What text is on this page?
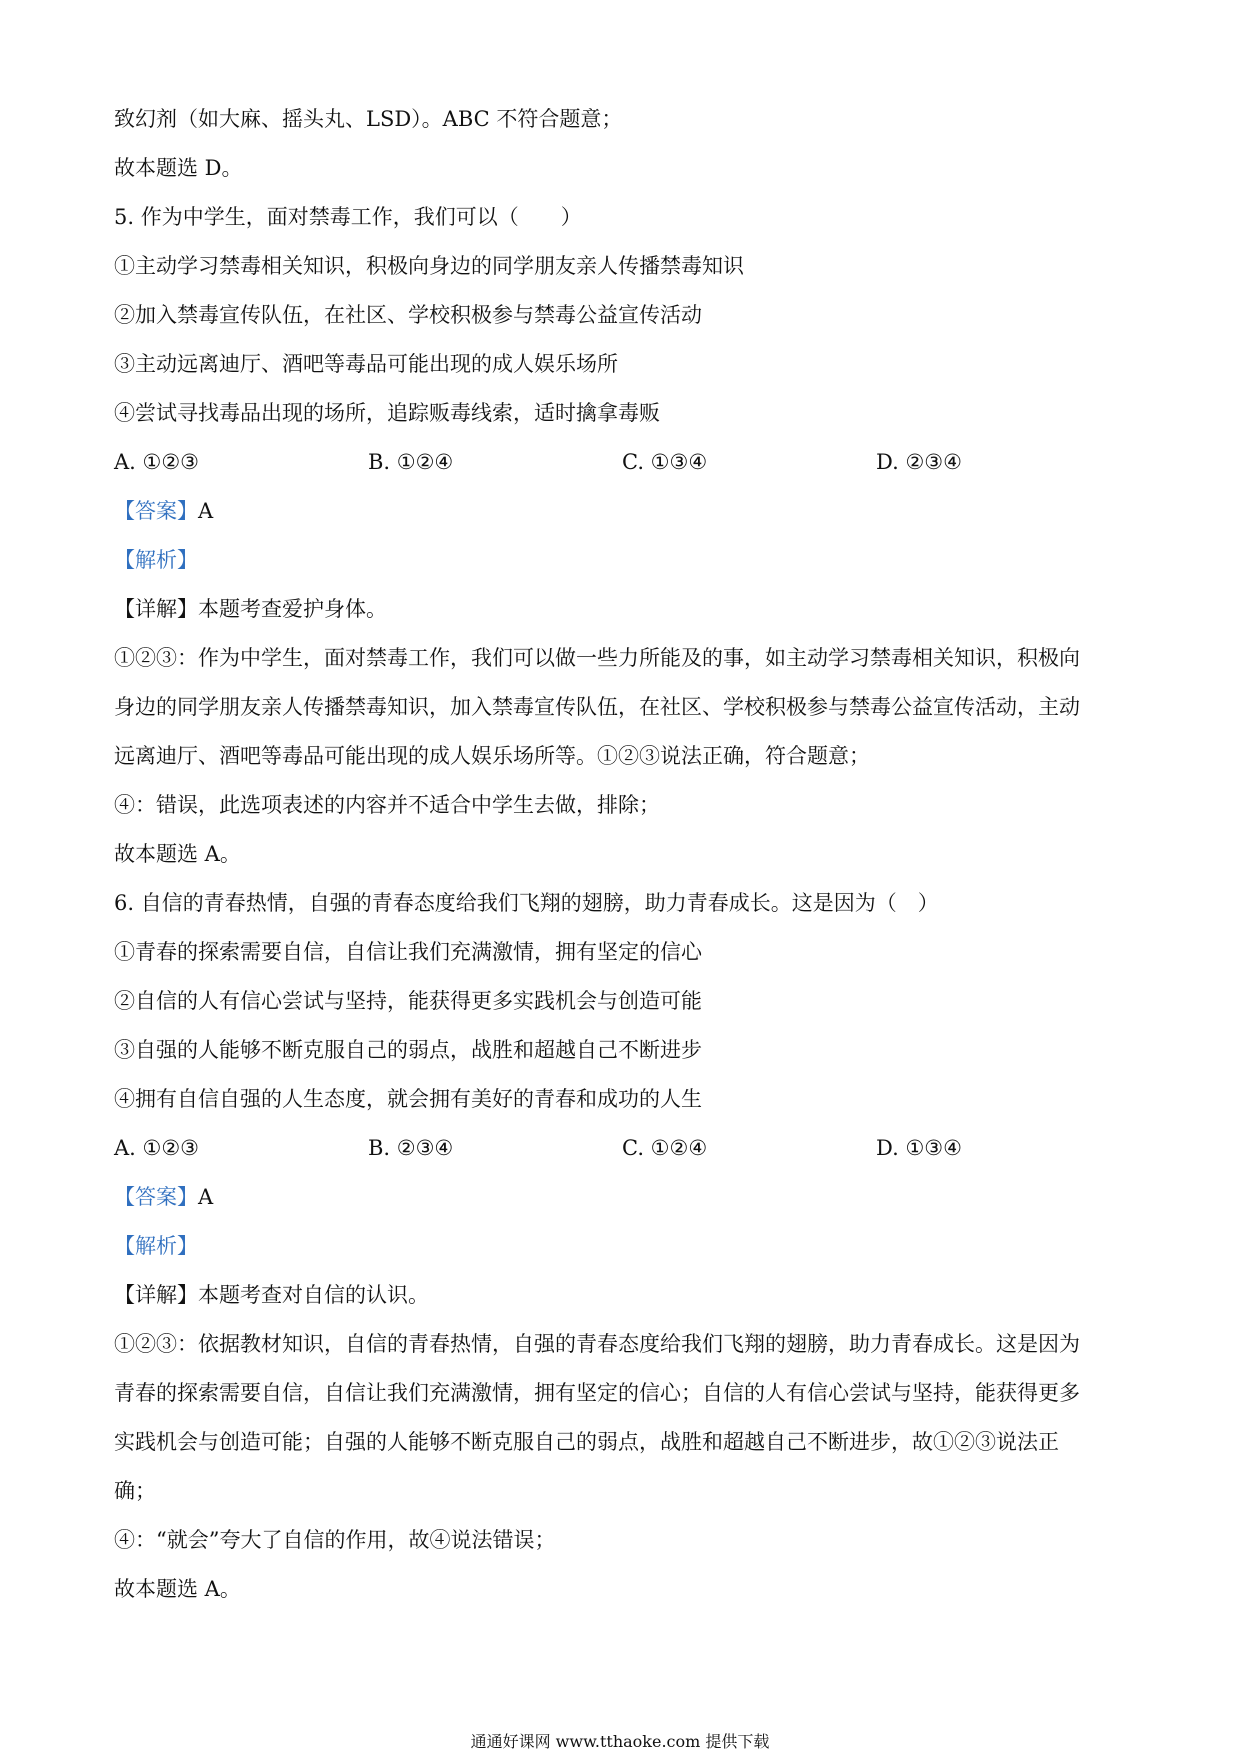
致幻剂（如大麻、摇头丸、LSD）。ABC 不符合题意；
故本题选 D。
5. 作为中学生，面对禁毒工作，我们可以（　　）
①主动学习禁毒相关知识，积极向身边的同学朋友亲人传播禁毒知识
②加入禁毒宣传队伍，在社区、学校积极参与禁毒公益宣传活动
③主动远离迪厅、酒吧等毒品可能出现的成人娱乐场所
④尝试寻找毒品出现的场所，追踪贩毒线索，适时擒拿毒贩
A. ①②③	B. ①②④	C. ①③④	D. ②③④
【答案】A
【解析】
【详解】本题考查爱护身体。
①②③：作为中学生，面对禁毒工作，我们可以做一些力所能及的事，如主动学习禁毒相关知识，积极向
身边的同学朋友亲人传播禁毒知识，加入禁毒宣传队伍，在社区、学校积极参与禁毒公益宣传活动，主动
远离迪厅、酒吧等毒品可能出现的成人娱乐场所等。①②③说法正确，符合题意；
④：错误，此选项表述的内容并不适合中学生去做，排除；
故本题选 A。
6. 自信的青春热情，自强的青春态度给我们飞翔的翅膀，助力青春成长。这是因为（　）
①青春的探索需要自信，自信让我们充满激情，拥有坚定的信心
②自信的人有信心尝试与坚持，能获得更多实践机会与创造可能
③自强的人能够不断克服自己的弱点，战胜和超越自己不断进步
④拥有自信自强的人生态度，就会拥有美好的青春和成功的人生
A. ①②③	B. ②③④	C. ①②④	D. ①③④
【答案】A
【解析】
【详解】本题考查对自信的认识。
①②③：依据教材知识，自信的青春热情，自强的青春态度给我们飞翔的翅膀，助力青春成长。这是因为
青春的探索需要自信，自信让我们充满激情，拥有坚定的信心；自信的人有信心尝试与坚持，能获得更多
实践机会与创造可能；自强的人能够不断克服自己的弱点，战胜和超越自己不断进步，故①②③说法正
确；
④：“就会”夸大了自信的作用，故④说法错误；
故本题选 A。
通通好课网 www.tthaoke.com 提供下载
